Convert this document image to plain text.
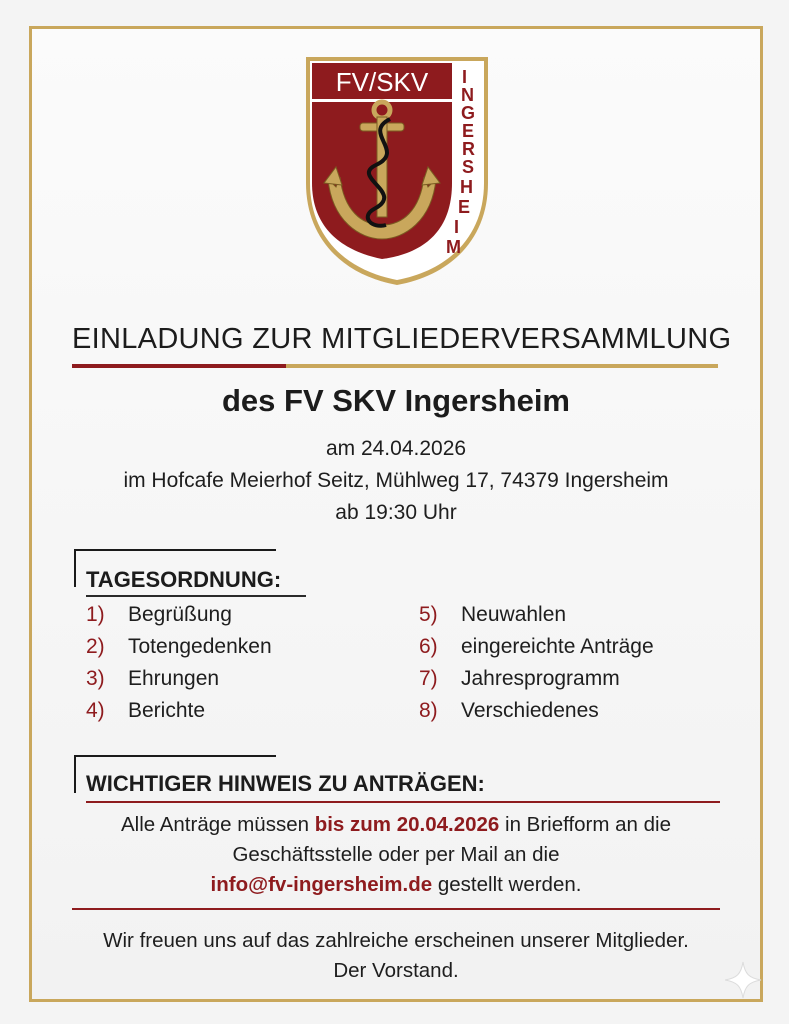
FV/SKV	I N G E R S H E I M
EINLADUNG ZUR MITGLIEDERVERSAMMLUNG
des FV SKV Ingersheim
am 24.04.2026
im Hofcafe Meierhof Seitz, Mühlweg 17, 74379 Ingersheim
ab 19:30 Uhr
TAGESORDNUNG:
1) Begrüßung
2) Totengedenken
3) Ehrungen
4) Berichte
5) Neuwahlen
6) eingereichte Anträge
7) Jahresprogramm
8) Verschiedenes
WICHTIGER HINWEIS ZU ANTRÄGEN:
Alle Anträge müssen bis zum 20.04.2026 in Briefform an die
Geschäftsstelle oder per Mail an die
info@fv-ingersheim.de gestellt werden.
Wir freuen uns auf das zahlreiche erscheinen unserer Mitglieder.
Der Vorstand.
